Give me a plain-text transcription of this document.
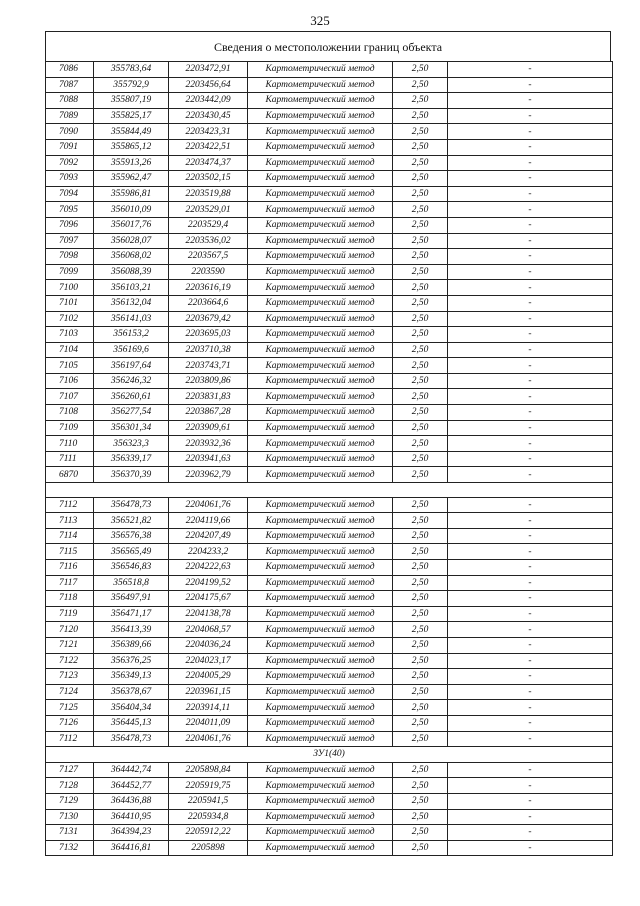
325
Сведения о местоположении границ объекта
7086	355783,64	2203472,91	Картометрический метод	2,50	-
7087	355792,9	2203456,64	Картометрический метод	2,50	-
7088	355807,19	2203442,09	Картометрический метод	2,50	-
7089	355825,17	2203430,45	Картометрический метод	2,50	-
7090	355844,49	2203423,31	Картометрический метод	2,50	-
7091	355865,12	2203422,51	Картометрический метод	2,50	-
7092	355913,26	2203474,37	Картометрический метод	2,50	-
7093	355962,47	2203502,15	Картометрический метод	2,50	-
7094	355986,81	2203519,88	Картометрический метод	2,50	-
7095	356010,09	2203529,01	Картометрический метод	2,50	-
7096	356017,76	2203529,4	Картометрический метод	2,50	-
7097	356028,07	2203536,02	Картометрический метод	2,50	-
7098	356068,02	2203567,5	Картометрический метод	2,50	-
7099	356088,39	2203590	Картометрический метод	2,50	-
7100	356103,21	2203616,19	Картометрический метод	2,50	-
7101	356132,04	2203664,6	Картометрический метод	2,50	-
7102	356141,03	2203679,42	Картометрический метод	2,50	-
7103	356153,2	2203695,03	Картометрический метод	2,50	-
7104	356169,6	2203710,38	Картометрический метод	2,50	-
7105	356197,64	2203743,71	Картометрический метод	2,50	-
7106	356246,32	2203809,86	Картометрический метод	2,50	-
7107	356260,61	2203831,83	Картометрический метод	2,50	-
7108	356277,54	2203867,28	Картометрический метод	2,50	-
7109	356301,34	2203909,61	Картометрический метод	2,50	-
7110	356323,3	2203932,36	Картометрический метод	2,50	-
7111	356339,17	2203941,63	Картометрический метод	2,50	-
6870	356370,39	2203962,79	Картометрический метод	2,50	-

7112	356478,73	2204061,76	Картометрический метод	2,50	-
7113	356521,82	2204119,66	Картометрический метод	2,50	-
7114	356576,38	2204207,49	Картометрический метод	2,50	-
7115	356565,49	2204233,2	Картометрический метод	2,50	-
7116	356546,83	2204222,63	Картометрический метод	2,50	-
7117	356518,8	2204199,52	Картометрический метод	2,50	-
7118	356497,91	2204175,67	Картометрический метод	2,50	-
7119	356471,17	2204138,78	Картометрический метод	2,50	-
7120	356413,39	2204068,57	Картометрический метод	2,50	-
7121	356389,66	2204036,24	Картометрический метод	2,50	-
7122	356376,25	2204023,17	Картометрический метод	2,50	-
7123	356349,13	2204005,29	Картометрический метод	2,50	-
7124	356378,67	2203961,15	Картометрический метод	2,50	-
7125	356404,34	2203914,11	Картометрический метод	2,50	-
7126	356445,13	2204011,09	Картометрический метод	2,50	-
7112	356478,73	2204061,76	Картометрический метод	2,50	-
ЗУ1(40)					
7127	364442,74	2205898,84	Картометрический метод	2,50	-
7128	364452,77	2205919,75	Картометрический метод	2,50	-
7129	364436,88	2205941,5	Картометрический метод	2,50	-
7130	364410,95	2205934,8	Картометрический метод	2,50	-
7131	364394,23	2205912,22	Картометрический метод	2,50	-
7132	364416,81	2205898	Картометрический метод	2,50	-
